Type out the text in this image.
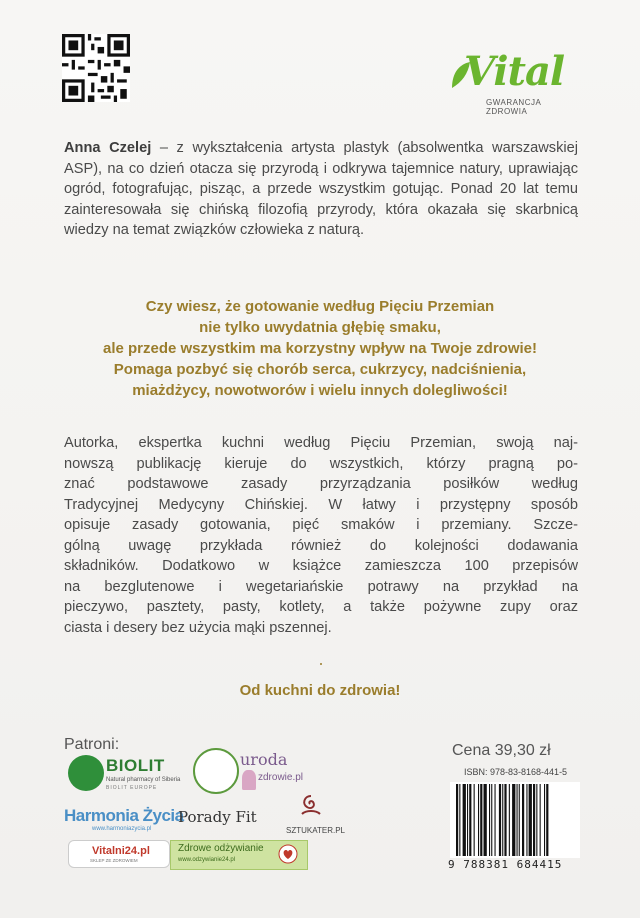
Vital
GWARANCJA ZDROWIA
Anna Czelej – z wykształcenia artysta plastyk (absolwentka warszawskiej ASP), na co dzień otacza się przyrodą i odkrywa tajemnice natury, uprawiając ogród, fotografując, pisząc, a przede wszystkim gotując. Ponad 20 lat temu zainteresowała się chińską filozofią przyrody, która okazała się skarbnicą wiedzy na temat związków człowieka z naturą.
Czy wiesz, że gotowanie według Pięciu Przemian
nie tylko uwydatnia głębię smaku,
ale przede wszystkim ma korzystny wpływ na Twoje zdrowie!
Pomaga pozbyć się chorób serca, cukrzycy, nadciśnienia,
miażdżycy, nowotworów i wielu innych dolegliwości!
Autorka, ekspertka kuchni według Pięciu Przemian, swoją naj-
nowszą publikację kieruje do wszystkich, którzy pragną po-
znać podstawowe zasady przyrządzania posiłków według
Tradycyjnej Medycyny Chińskiej. W łatwy i przystępny sposób
opisuje zasady gotowania, pięć smaków i przemiany. Szcze-
gólną uwagę przykłada również do kolejności dodawania
składników. Dodatkowo w książce zamieszcza 100 przepisów
na bezglutenowe i wegetariańskie potrawy na przykład na
pieczywo, pasztety, pasty, kotlety, a także pożywne zupy oraz
ciasta i desery bez użycia mąki pszennej.
Od kuchni do zdrowia!
Patroni:
BIOLIT
Natural pharmacy of Siberia
BIOLIT EUROPE
uroda
zdrowie.pl
Harmonia Życia
www.harmoniazycia.pl
Porady Fit
SZTUKATER.PL
Vitalni24.pl
SKLEP ZE ZDROWIEM
Zdrowe odżywianie
www.odzywianie24.pl
Cena 39,30 zł
ISBN: 978-83-8168-441-5
9 788381 684415
